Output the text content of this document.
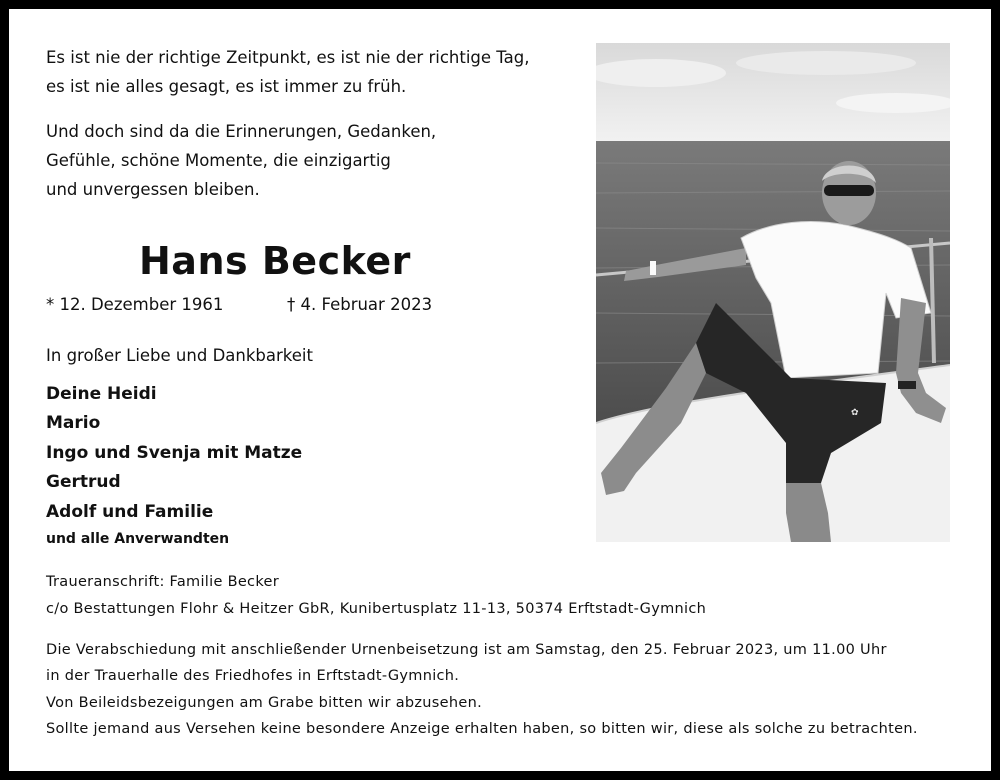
Es ist nie der richtige Zeitpunkt, es ist nie der richtige Tag,
es ist nie alles gesagt, es ist immer zu früh.
Und doch sind da die Erinnerungen, Gedanken,
Gefühle, schöne Momente, die einzigartig
und unvergessen bleiben.
Hans Becker
* 12. Dezember 1961	† 4. Februar 2023
In großer Liebe und Dankbarkeit
Deine Heidi
Mario
Ingo und Svenja mit Matze
Gertrud
Adolf und Familie
und alle Anverwandten
Traueranschrift: Familie Becker
c/o Bestattungen Flohr & Heitzer GbR, Kunibertusplatz 11-13, 50374 Erftstadt-Gymnich
Die Verabschiedung mit anschließender Urnenbeisetzung ist am Samstag, den 25. Februar 2023, um 11.00 Uhr
in der Trauerhalle des Friedhofes in Erftstadt-Gymnich.
Von Beileidsbezeigungen am Grabe bitten wir abzusehen.
Sollte jemand aus Versehen keine besondere Anzeige erhalten haben, so bitten wir, diese als solche zu betrachten.
✿
